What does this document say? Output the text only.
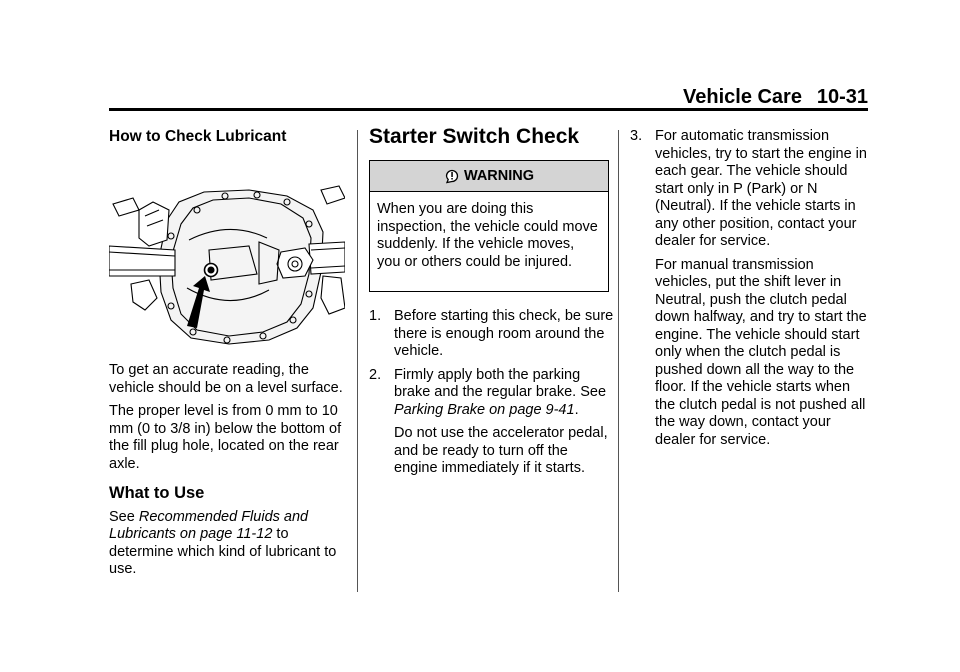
Vehicle Care 10-31

How to Check Lubricant

To get an accurate reading, the vehicle should be on a level surface.

The proper level is from 0 mm to 10 mm (0 to 3/8 in) below the bottom of the fill plug hole, located on the rear axle.

What to Use

See Recommended Fluids and Lubricants on page 11-12 to determine which kind of lubricant to use.

Starter Switch Check

WARNING
When you are doing this inspection, the vehicle could move suddenly. If the vehicle moves, you or others could be injured.
1. Before starting this check, be sure there is enough room around the vehicle.
2. Firmly apply both the parking brake and the regular brake. See Parking Brake on page 9-41.
Do not use the accelerator pedal, and be ready to turn off the engine immediately if it starts.
3. For automatic transmission vehicles, try to start the engine in each gear. The vehicle should start only in P (Park) or N (Neutral). If the vehicle starts in any other position, contact your dealer for service.
For manual transmission vehicles, put the shift lever in Neutral, push the clutch pedal down halfway, and try to start the engine. The vehicle should start only when the clutch pedal is pushed down all the way to the floor. If the vehicle starts when the clutch pedal is not pushed all the way down, contact your dealer for service.
